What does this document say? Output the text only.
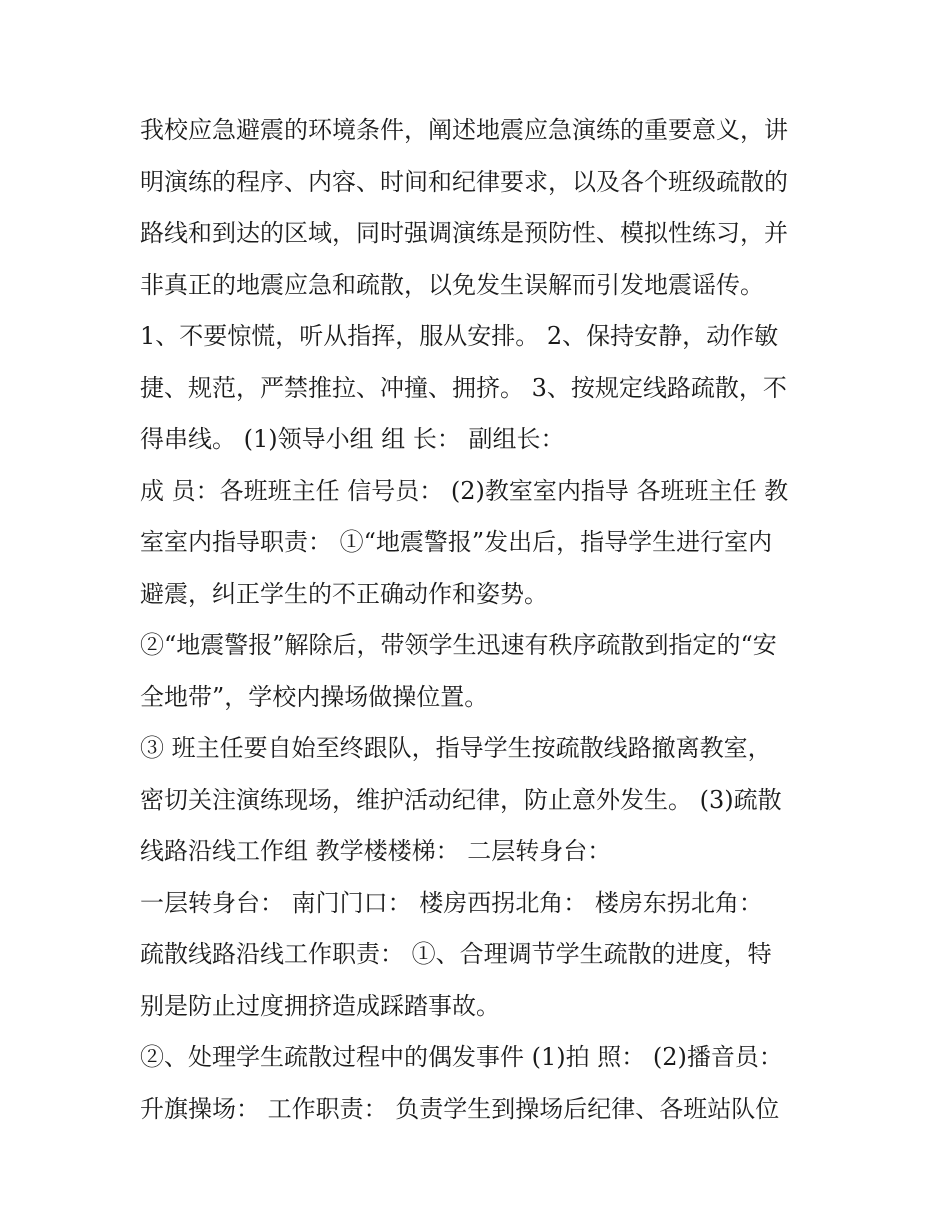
我校应急避震的环境条件，阐述地震应急演练的重要意义，讲
明演练的程序、内容、时间和纪律要求，以及各个班级疏散的
路线和到达的区域，同时强调演练是预防性、模拟性练习，并
非真正的地震应急和疏散，以免发生误解而引发地震谣传。
1、不要惊慌，听从指挥，服从安排。 2、保持安静，动作敏
捷、规范，严禁推拉、冲撞、拥挤。 3、按规定线路疏散，不
得串线。 (1)领导小组 组 长： 副组长：
成 员：各班班主任 信号员： (2)教室室内指导 各班班主任 教
室室内指导职责： ①“地震警报”发出后，指导学生进行室内
避震，纠正学生的不正确动作和姿势。
②“地震警报”解除后，带领学生迅速有秩序疏散到指定的“安
全地带”，学校内操场做操位置。
③ 班主任要自始至终跟队，指导学生按疏散线路撤离教室，
密切关注演练现场，维护活动纪律，防止意外发生。 (3)疏散
线路沿线工作组 教学楼楼梯： 二层转身台：
一层转身台： 南门门口： 楼房西拐北角： 楼房东拐北角：
疏散线路沿线工作职责： ①、合理调节学生疏散的进度，特
别是防止过度拥挤造成踩踏事故。
②、处理学生疏散过程中的偶发事件 (1)拍 照： (2)播音员：
升旗操场： 工作职责： 负责学生到操场后纪律、各班站队位
